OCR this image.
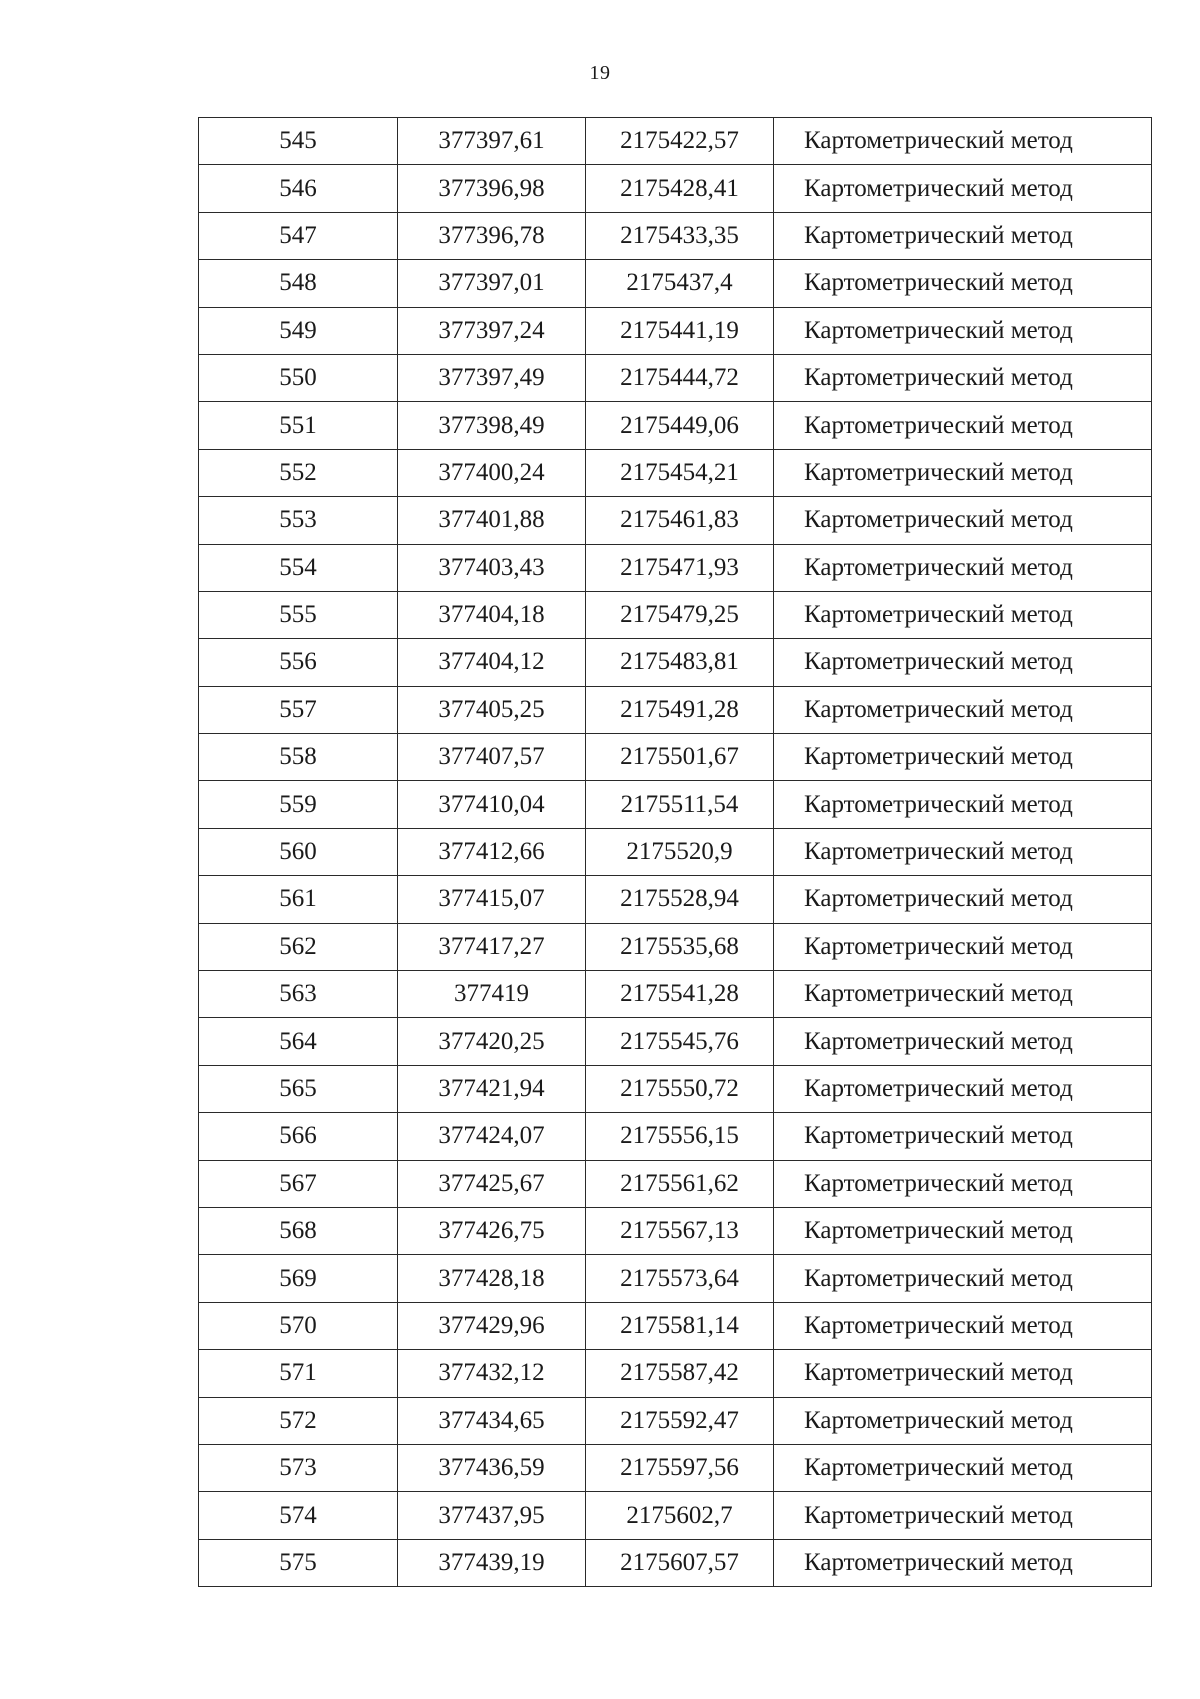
19
545	377397,61	2175422,57	Картометрический метод
546	377396,98	2175428,41	Картометрический метод
547	377396,78	2175433,35	Картометрический метод
548	377397,01	2175437,4	Картометрический метод
549	377397,24	2175441,19	Картометрический метод
550	377397,49	2175444,72	Картометрический метод
551	377398,49	2175449,06	Картометрический метод
552	377400,24	2175454,21	Картометрический метод
553	377401,88	2175461,83	Картометрический метод
554	377403,43	2175471,93	Картометрический метод
555	377404,18	2175479,25	Картометрический метод
556	377404,12	2175483,81	Картометрический метод
557	377405,25	2175491,28	Картометрический метод
558	377407,57	2175501,67	Картометрический метод
559	377410,04	2175511,54	Картометрический метод
560	377412,66	2175520,9	Картометрический метод
561	377415,07	2175528,94	Картометрический метод
562	377417,27	2175535,68	Картометрический метод
563	377419	2175541,28	Картометрический метод
564	377420,25	2175545,76	Картометрический метод
565	377421,94	2175550,72	Картометрический метод
566	377424,07	2175556,15	Картометрический метод
567	377425,67	2175561,62	Картометрический метод
568	377426,75	2175567,13	Картометрический метод
569	377428,18	2175573,64	Картометрический метод
570	377429,96	2175581,14	Картометрический метод
571	377432,12	2175587,42	Картометрический метод
572	377434,65	2175592,47	Картометрический метод
573	377436,59	2175597,56	Картометрический метод
574	377437,95	2175602,7	Картометрический метод
575	377439,19	2175607,57	Картометрический метод
